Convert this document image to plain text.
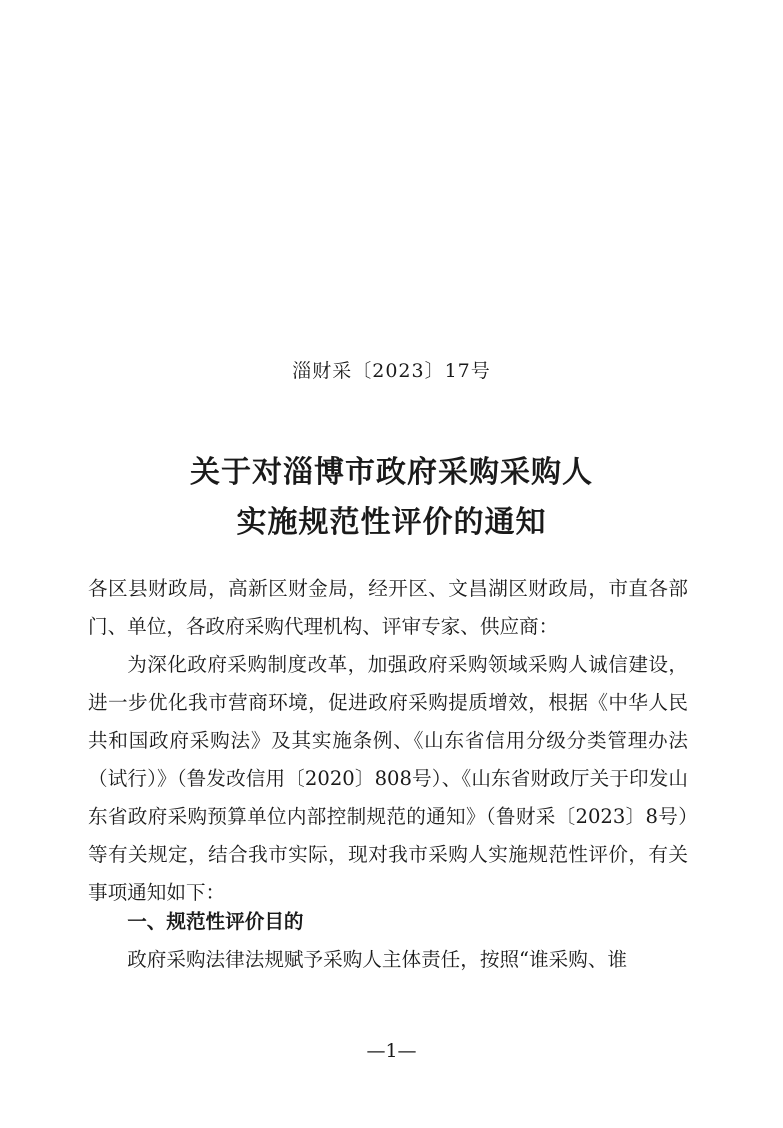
淄财采〔2023〕17号
关于对淄博市政府采购采购人
实施规范性评价的通知
各区县财政局，高新区财金局，经开区、文昌湖区财政局，市直各部门、单位，各政府采购代理机构、评审专家、供应商：
为深化政府采购制度改革，加强政府采购领域采购人诚信建设，进一步优化我市营商环境，促进政府采购提质增效，根据《中华人民共和国政府采购法》及其实施条例、《山东省信用分级分类管理办法（试行）》（鲁发改信用〔2020〕808号）、《山东省财政厅关于印发山东省政府采购预算单位内部控制规范的通知》（鲁财采〔2023〕8号）等有关规定，结合我市实际，现对我市采购人实施规范性评价，有关事项通知如下：
一、规范性评价目的
政府采购法律法规赋予采购人主体责任，按照“谁采购、谁
—1—
